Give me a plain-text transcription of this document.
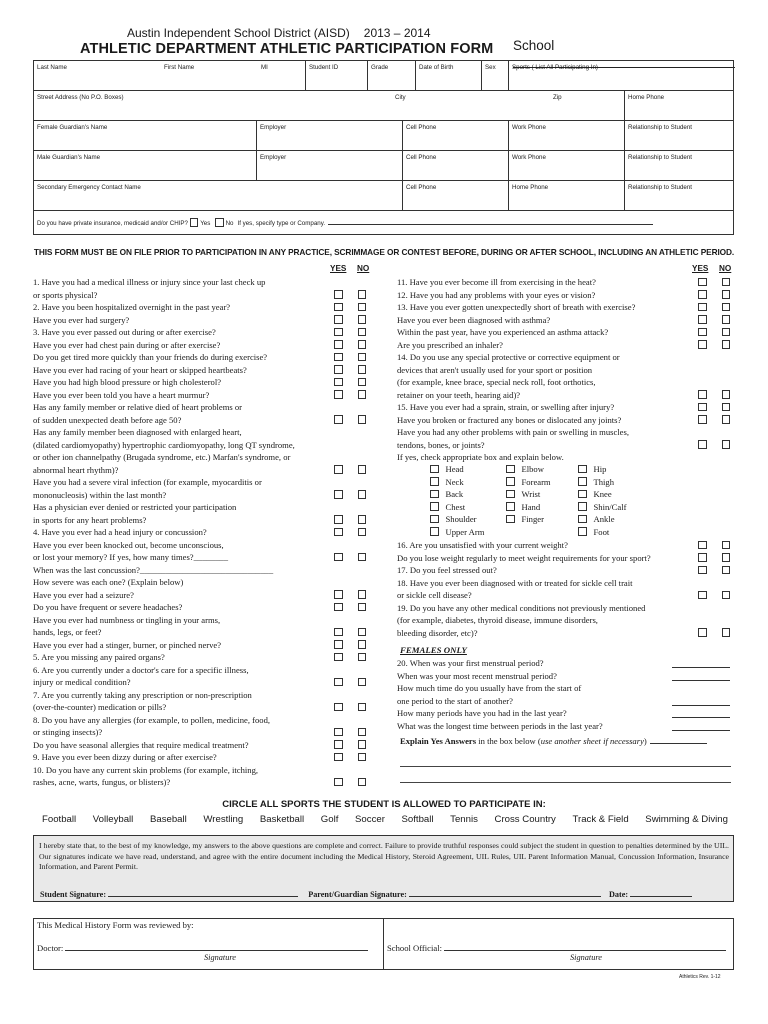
Austin Independent School District (AISD) 2013 – 2014
ATHLETIC DEPARTMENT ATHLETIC PARTICIPATION FORM School
Last Name	First Name	MI	Student ID	Grade	Date of Birth	Sex	Sports ( List All Participating In)
Street Address (No P.O. Boxes)	City	Zip	Home Phone
Female Guardian's Name	Employer	Cell Phone	Work Phone	Relationship to Student
Male Guardian's Name	Employer	Cell Phone	Work Phone	Relationship to Student
Secondary Emergency Contact Name	Cell Phone	Home Phone	Relationship to Student
Do you have private insurance, medicaid and/or CHIP? Yes No If yes, specify type or Company.
THIS FORM MUST BE ON FILE PRIOR TO PARTICIPATION IN ANY PRACTICE, SCRIMMAGE OR CONTEST BEFORE, DURING OR AFTER SCHOOL, INCLUDING AN ATHLETIC PERIOD.
YES NO	YES NO
1. Have you had a medical illness or injury since your last check up
or sports physical?
2. Have you been hospitalized overnight in the past year?
Have you ever had surgery?
3. Have you ever passed out during or after exercise?
Have you ever had chest pain during or after exercise?
Do you get tired more quickly than your friends do during exercise?
Have you ever had racing of your heart or skipped heartbeats?
Have you had high blood pressure or high cholesterol?
Have you ever been told you have a heart murmur?
Has any family member or relative died of heart problems or
of sudden unexpected death before age 50?
Has any family member been diagnosed with enlarged heart,
(dilated cardiomyopathy) hypertrophic cardiomyopathy, long QT syndrome,
or other ion channelpathy (Brugada syndrome, etc.) Marfan's syndrome, or
abnormal heart rhythm)?
Have you had a severe viral infection (for example, myocarditis or
mononucleosis) within the last month?
Has a physician ever denied or restricted your participation
in sports for any heart problems?
4. Have you ever had a head injury or concussion?
Have you ever been knocked out, become unconscious,
or lost your memory? If yes, how many times?________
When was the last concussion?_______________________________
How severe was each one? (Explain below)
Have you ever had a seizure?
Do you have frequent or severe headaches?
Have you ever had numbness or tingling in your arms,
hands, legs, or feet?
Have you ever had a stinger, burner, or pinched nerve?
5. Are you missing any paired organs?
6. Are you currently under a doctor's care for a specific illness,
injury or medical condition?
7. Are you currently taking any prescription or non-prescription
(over-the-counter) medication or pills?
8. Do you have any allergies (for example, to pollen, medicine, food,
or stinging insects)?
Do you have seasonal allergies that require medical treatment?
9. Have you ever been dizzy during or after exercise?
10. Do you have any current skin problems (for example, itching,
rashes, acne, warts, fungus, or blisters)?
11. Have you ever become ill from exercising in the heat?
12. Have you had any problems with your eyes or vision?
13. Have you ever gotten unexpectedly short of breath with exercise?
Have you ever been diagnosed with asthma?
Within the past year, have you experienced an asthma attack?
Are you prescribed an inhaler?
14. Do you use any special protective or corrective equipment or
devices that aren't usually used for your sport or position
(for example, knee brace, special neck roll, foot orthotics,
retainer on your teeth, hearing aid)?
15. Have you ever had a sprain, strain, or swelling after injury?
Have you broken or fractured any bones or dislocated any joints?
Have you had any other problems with pain or swelling in muscles,
tendons, bones, or joints?
If yes, check appropriate box and explain below.
Head	Elbow	Hip
Neck	Forearm	Thigh
Back	Wrist	Knee
Chest	Hand	Shin/Calf
Shoulder	Finger	Ankle
Upper Arm	Foot
16. Are you unsatisfied with your current weight?
Do you lose weight regularly to meet weight requirements for your sport?
17. Do you feel stressed out?
18. Have you ever been diagnosed with or treated for sickle cell trait
or sickle cell disease?
19. Do you have any other medical conditions not previously mentioned
(for example, diabetes, thyroid disease, immune disorders,
bleeding disorder, etc)?
FEMALES ONLY
20. When was your first menstrual period?
When was your most recent menstrual period?
How much time do you usually have from the start of
one period to the start of another?
How many periods have you had in the last year?
What was the longest time between periods in the last year?
Explain Yes Answers in the box below (use another sheet if necessary)
CIRCLE ALL SPORTS THE STUDENT IS ALLOWED TO PARTICIPATE IN:
Football Volleyball Baseball Wrestling Basketball Golf Soccer Softball Tennis Cross Country Track & Field Swimming & Diving
I hereby state that, to the best of my knowledge, my answers to the above questions are complete and correct. Failure to provide truthful responses could subject the student in question to penalties determined by the UIL. Our signatures indicate we have read, understand, and agree with the entire document including the Medical History, Steroid Agreement, UIL Rules, UIL Parent Information Manual, Concussion Information, Insurance Information, and Parent Permit.
Student Signature:	Parent/Guardian Signature:	Date:
This Medical History Form was reviewed by:
Doctor:
Signature
School Official:
Signature
Athletics Rev. 1-12
